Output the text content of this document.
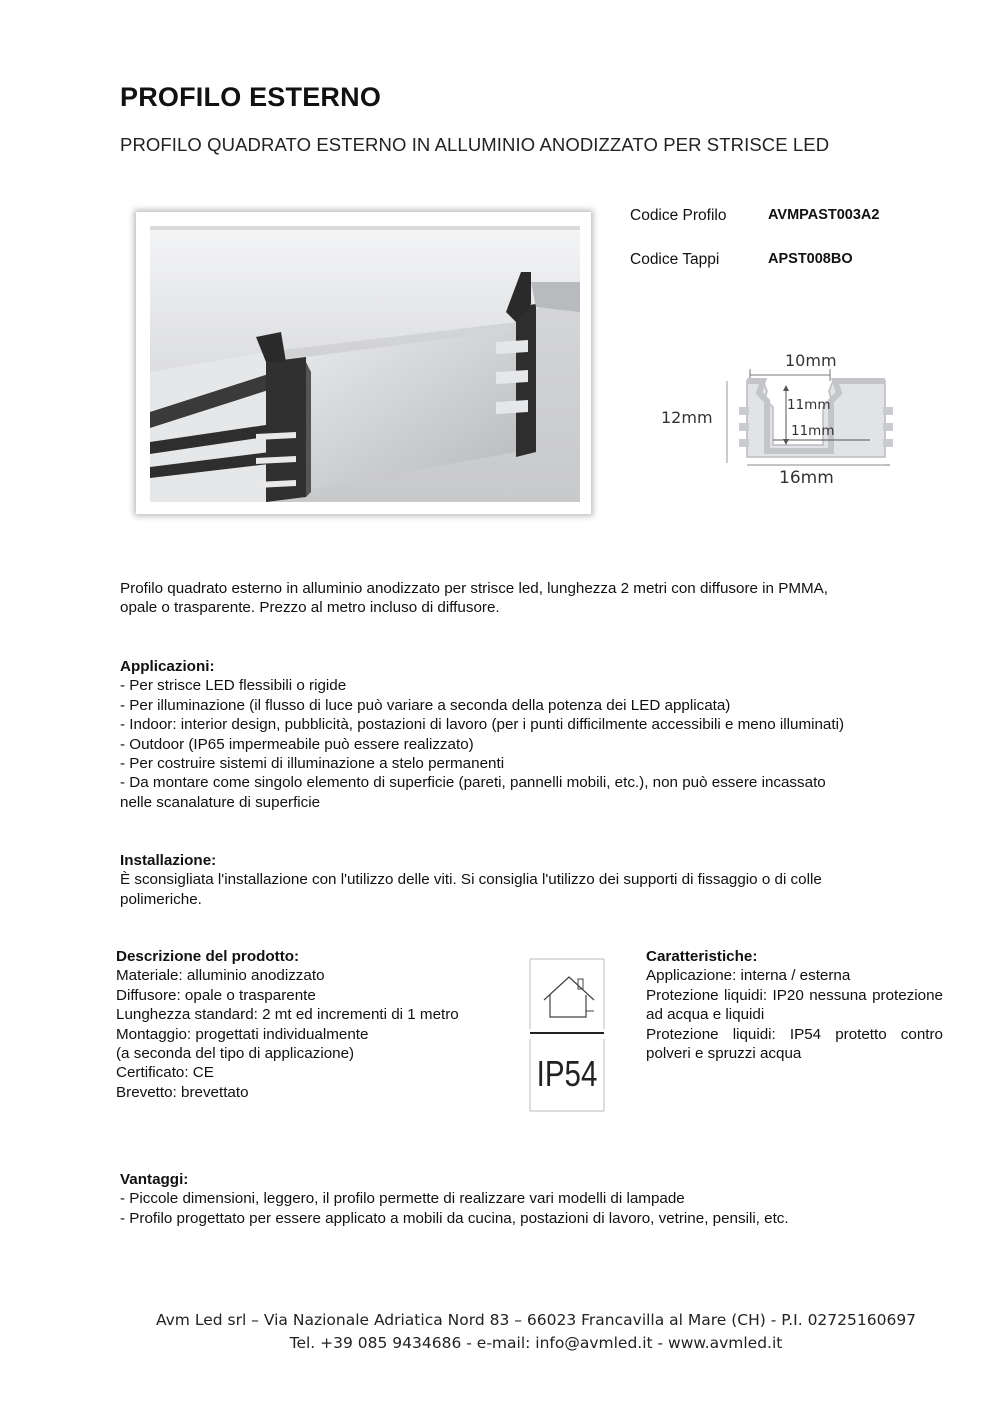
PROFILO ESTERNO
PROFILO QUADRATO ESTERNO IN ALLUMINIO ANODIZZATO PER STRISCE LED
Codice Profilo	AVMPAST003A2
Codice Tappi	APST008BO
10mm
12mm
11mm
11mm
16mm
Profilo quadrato esterno in alluminio anodizzato per strisce led, lunghezza 2 metri con diffusore in PMMA,
opale o trasparente. Prezzo al metro incluso di diffusore.
Applicazioni:
- Per strisce LED flessibili o rigide
- Per illuminazione (il flusso di luce può variare a seconda della potenza dei LED applicata)
- Indoor: interior design, pubblicità, postazioni di lavoro (per i punti difficilmente accessibili e meno illuminati)
- Outdoor (IP65 impermeabile può essere realizzato)
- Per costruire sistemi di illuminazione a stelo permanenti
- Da montare come singolo elemento di superficie (pareti, pannelli mobili, etc.), non può essere incassato
nelle scanalature di superficie
Installazione:
È sconsigliata l'installazione con l'utilizzo delle viti. Si consiglia l'utilizzo dei supporti di fissaggio o di colle
polimeriche.
Descrizione del prodotto:
Materiale: alluminio anodizzato
Diffusore: opale o trasparente
Lunghezza standard: 2 mt ed incrementi di 1 metro
Montaggio: progettati individualmente
(a seconda del tipo di applicazione)
Certificato: CE
Brevetto: brevettato	IP54
Caratteristiche:
Applicazione: interna / esterna
Protezione liquidi: IP20 nessuna protezione ad acqua e liquidi
Protezione liquidi: IP54 protetto contro polveri e spruzzi acqua
Vantaggi:
- Piccole dimensioni, leggero, il profilo permette di realizzare vari modelli di lampade
- Profilo progettato per essere applicato a mobili da cucina, postazioni di lavoro, vetrine, pensili, etc.
Avm Led srl – Via Nazionale Adriatica Nord 83 – 66023 Francavilla al Mare (CH) - P.I. 02725160697
Tel. +39 085 9434686 - e-mail: info@avmled.it - www.avmled.it
